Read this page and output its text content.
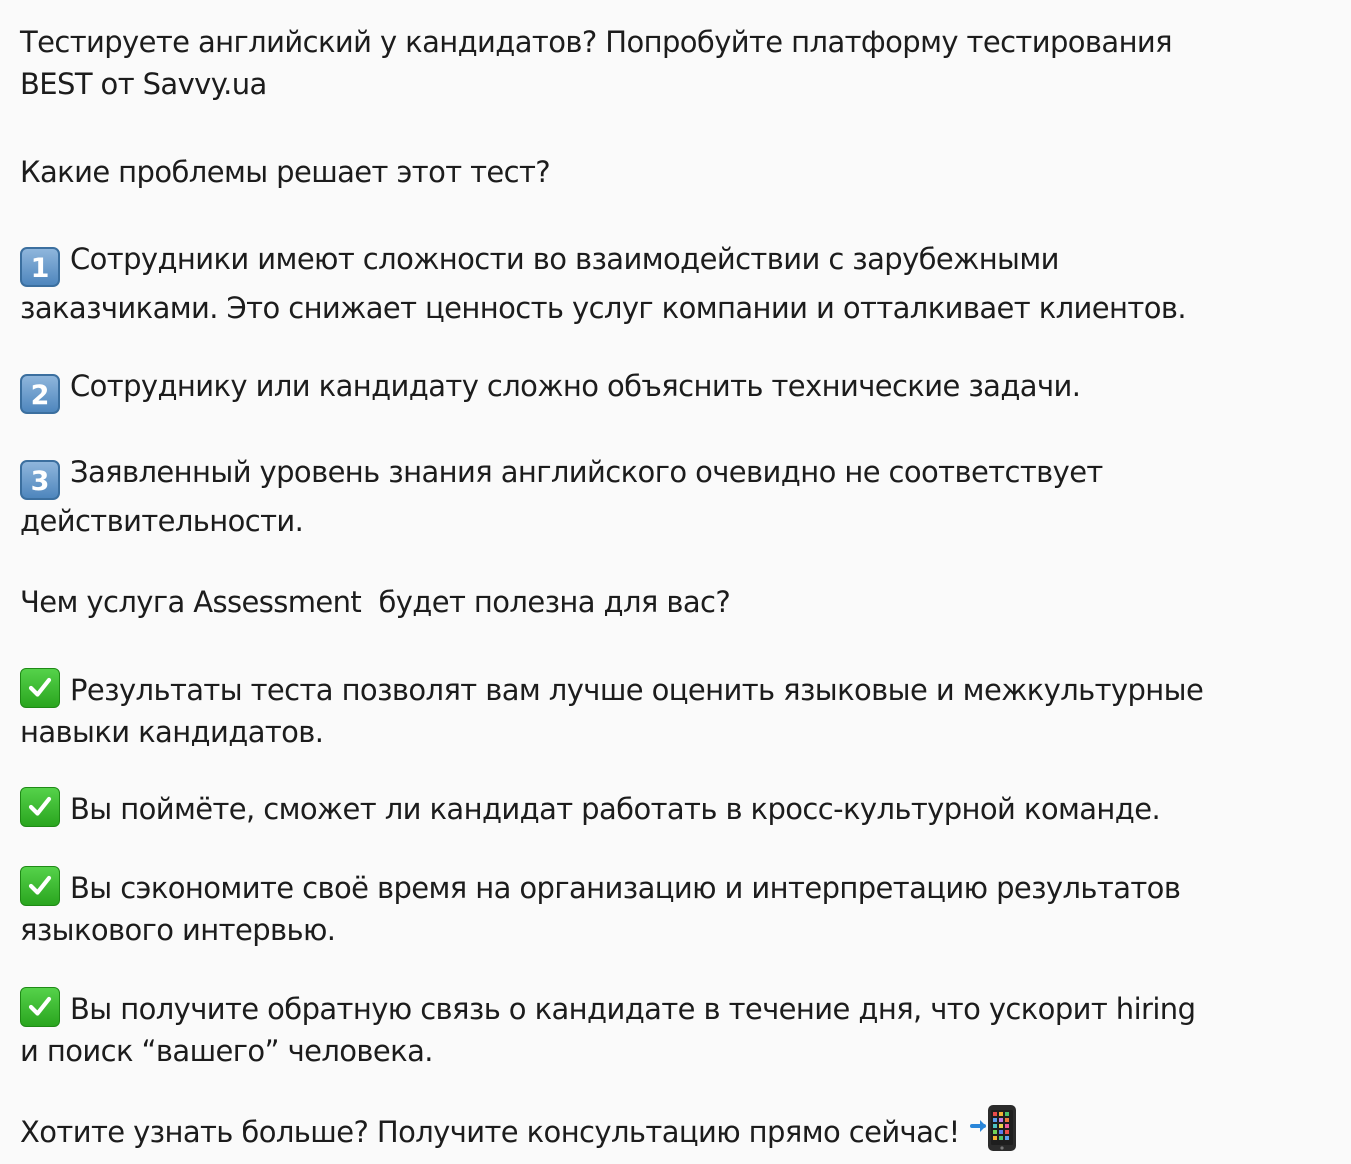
Тестируете английский у кандидатов? Попробуйте платформу тестирования
BEST от Savvy.ua
Какие проблемы решает этот тест?
1 Сотрудники имеют сложности во взаимодействии с зарубежными
заказчиками. Это снижает ценность услуг компании и отталкивает клиентов.
2 Сотруднику или кандидату сложно объяснить технические задачи.
3 Заявленный уровень знания английского очевидно не соответствует
действительности.
Чем услуга Assessment  будет полезна для вас?
Результаты теста позволят вам лучше оценить языковые и межкультурные
навыки кандидатов.
Вы поймёте, сможет ли кандидат работать в кросс-культурной команде.
Вы сэкономите своё время на организацию и интерпретацию результатов
языкового интервью.
Вы получите обратную связь о кандидате в течение дня, что ускорит hiring
и поиск “вашего” человека.
Хотите узнать больше? Получите консультацию прямо сейчас!
